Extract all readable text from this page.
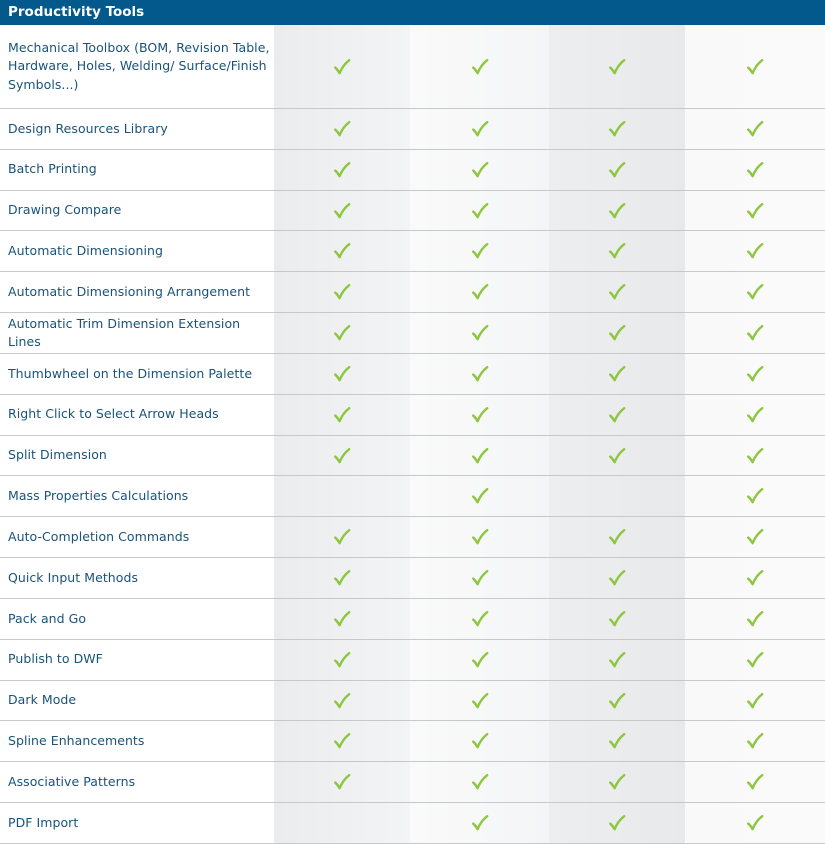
Productivity Tools
Mechanical Toolbox (BOM, Revision Table, Hardware, Holes, Welding/ Surface/Finish Symbols...)
Design Resources Library
Batch Printing
Drawing Compare
Automatic Dimensioning
Automatic Dimensioning Arrangement
Automatic Trim Dimension Extension Lines
Thumbwheel on the Dimension Palette
Right Click to Select Arrow Heads
Split Dimension
Mass Properties Calculations
Auto-Completion Commands
Quick Input Methods
Pack and Go
Publish to DWF
Dark Mode
Spline Enhancements
Associative Patterns
PDF Import
